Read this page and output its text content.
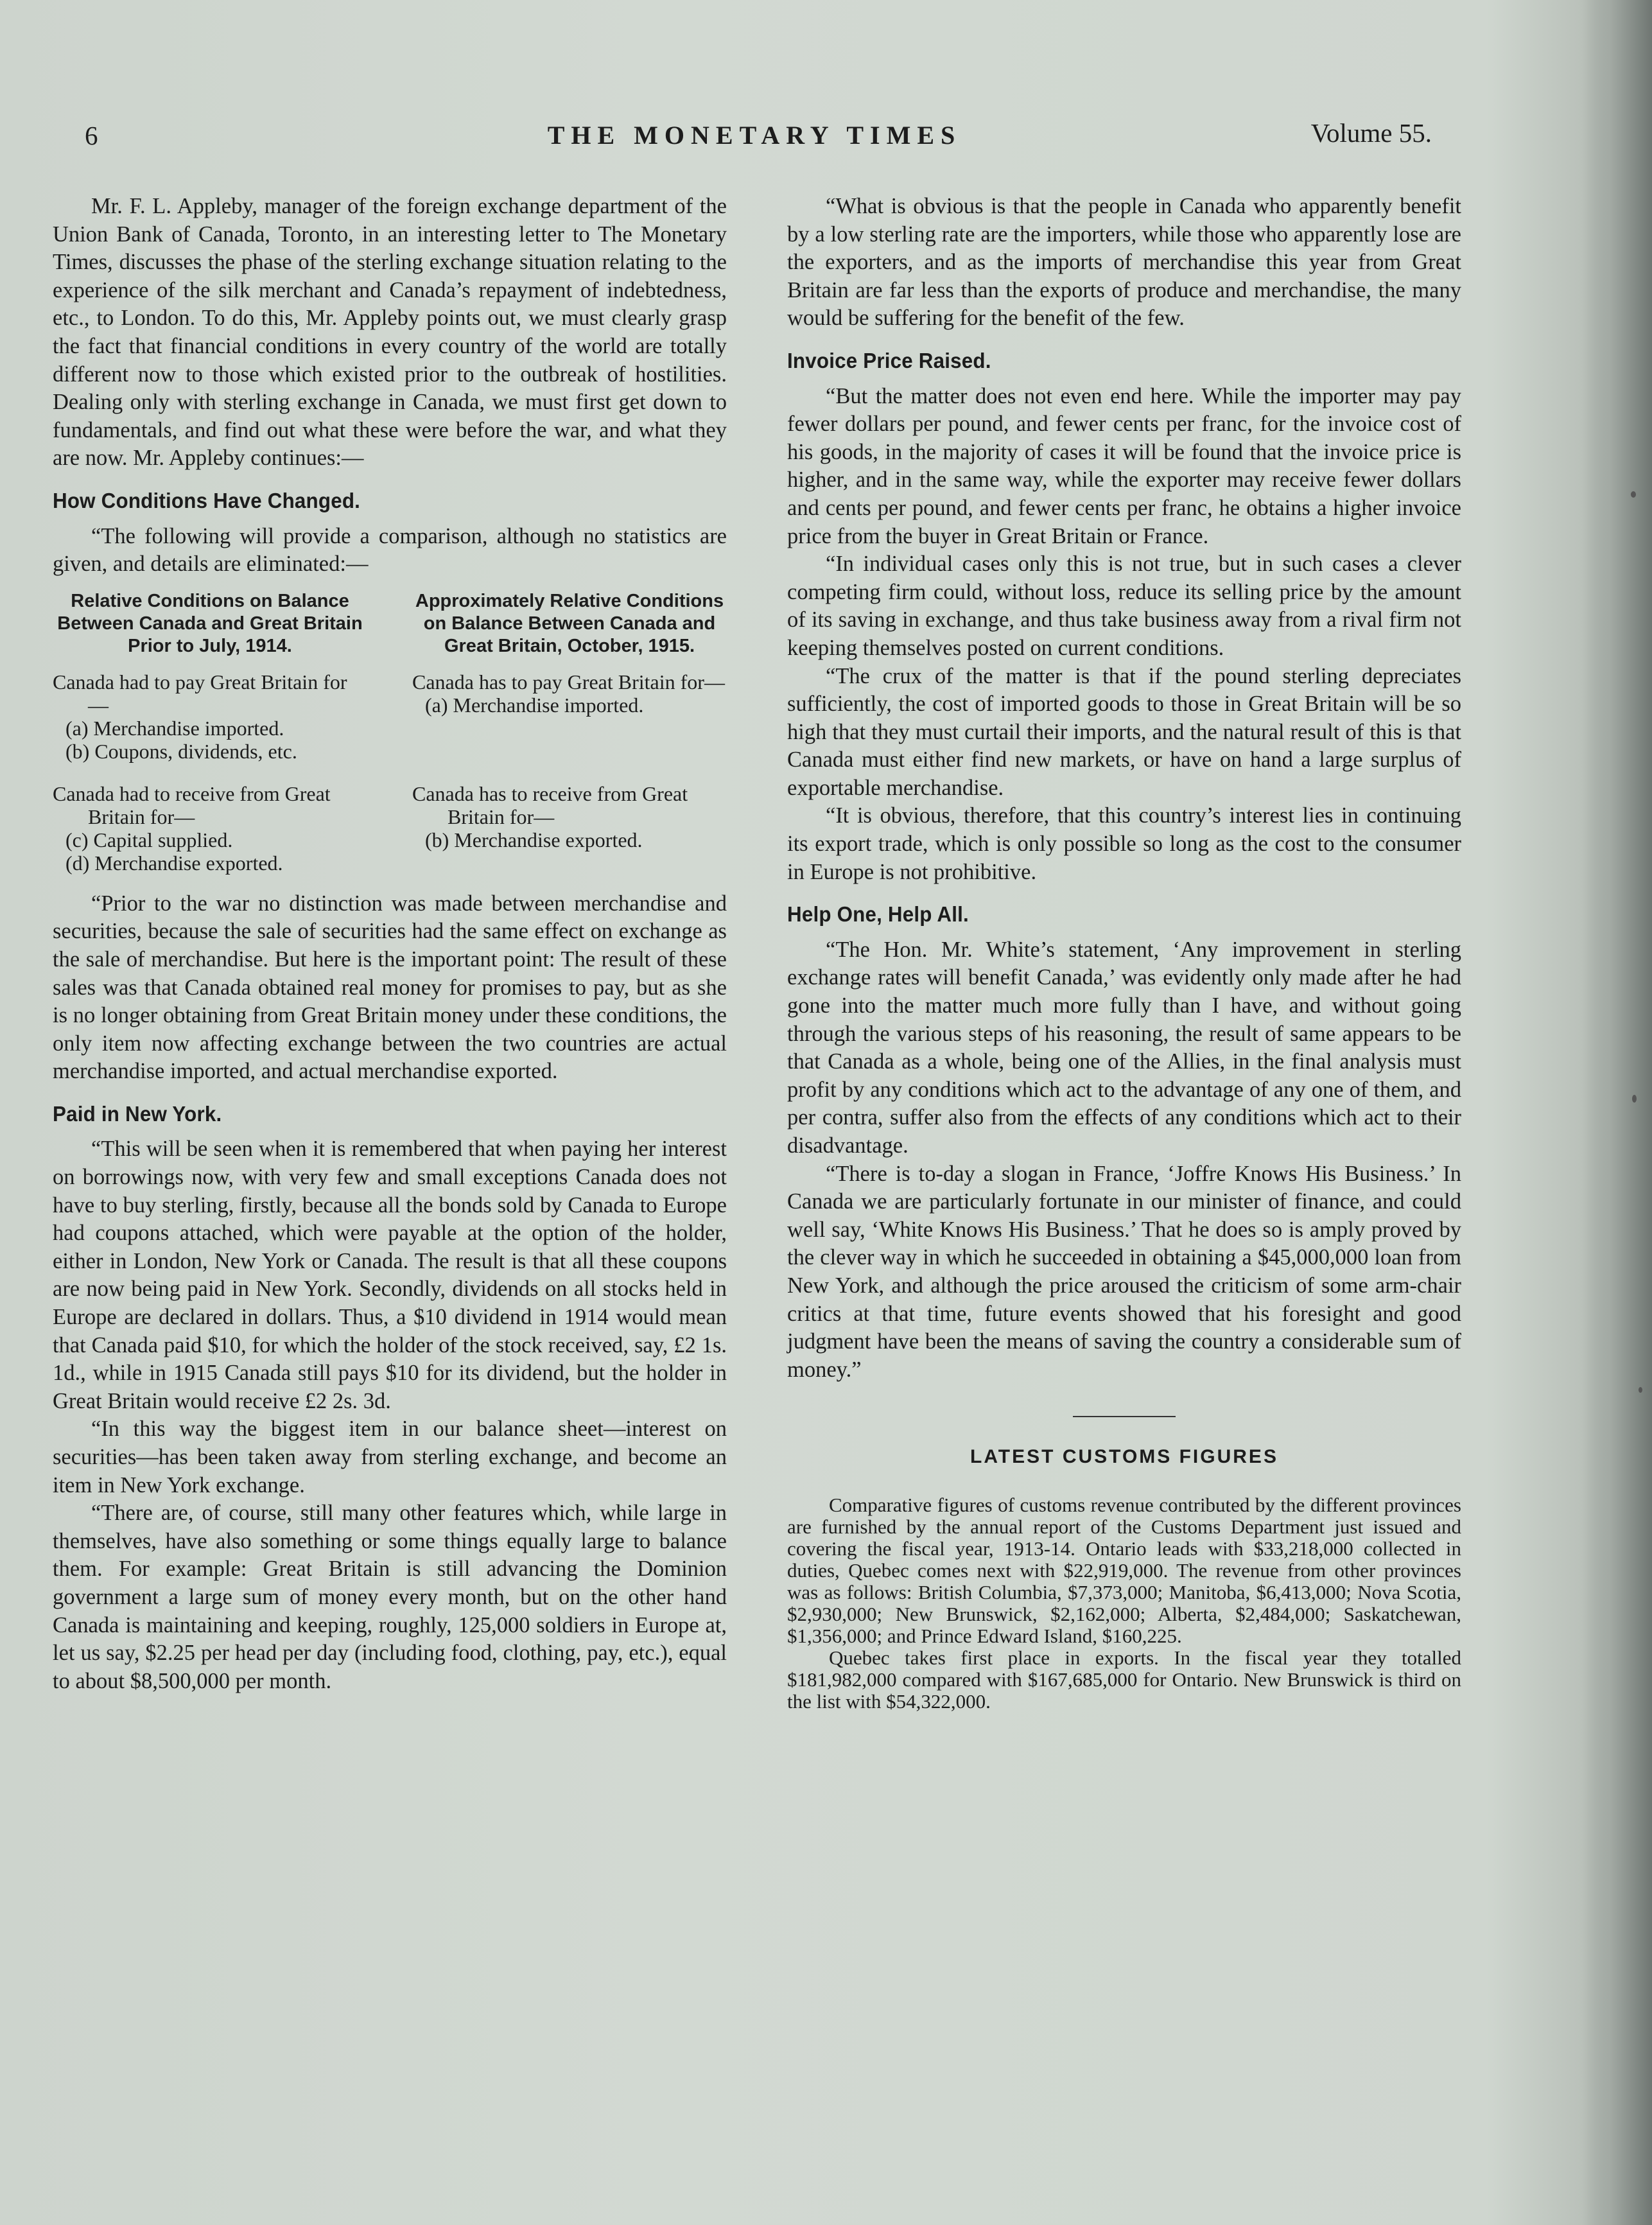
6	THE MONETARY TIMES	Volume 55.

Mr. F. L. Appleby, manager of the foreign exchange department of the Union Bank of Canada, Toronto, in an interesting letter to The Monetary Times, discusses the phase of the sterling exchange situation relating to the experience of the silk merchant and Canada’s repayment of indebtedness, etc., to London. To do this, Mr. Appleby points out, we must clearly grasp the fact that financial conditions in every country of the world are totally different now to those which existed prior to the outbreak of hostilities. Dealing only with sterling exchange in Canada, we must first get down to fundamentals, and find out what these were before the war, and what they are now. Mr. Appleby continues:—

How Conditions Have Changed.

“The following will provide a comparison, although no statistics are given, and details are eliminated:—

Relative Conditions on Balance Between Canada and Great Britain Prior to July, 1914.
Canada had to pay Great Britain for—
(a) Merchandise imported.
(b) Coupons, dividends, etc.
Canada had to receive from Great Britain for—
(c) Capital supplied.
(d) Merchandise exported.
Approximately Relative Conditions on Balance Between Canada and Great Britain, October, 1915.
Canada has to pay Great Britain for—
(a) Merchandise imported.
Canada has to receive from Great Britain for—
(b) Merchandise exported.

“Prior to the war no distinction was made between merchandise and securities, because the sale of securities had the same effect on exchange as the sale of merchandise. But here is the important point: The result of these sales was that Canada obtained real money for promises to pay, but as she is no longer obtaining from Great Britain money under these conditions, the only item now affecting exchange between the two countries are actual merchandise imported, and actual merchandise exported.

Paid in New York.

“This will be seen when it is remembered that when paying her interest on borrowings now, with very few and small exceptions Canada does not have to buy sterling, firstly, because all the bonds sold by Canada to Europe had coupons attached, which were payable at the option of the holder, either in London, New York or Canada. The result is that all these coupons are now being paid in New York. Secondly, dividends on all stocks held in Europe are declared in dollars. Thus, a $10 dividend in 1914 would mean that Canada paid $10, for which the holder of the stock received, say, £2 1s. 1d., while in 1915 Canada still pays $10 for its dividend, but the holder in Great Britain would receive £2 2s. 3d.

“In this way the biggest item in our balance sheet—interest on securities—has been taken away from sterling exchange, and become an item in New York exchange.

“There are, of course, still many other features which, while large in themselves, have also something or some things equally large to balance them. For example: Great Britain is still advancing the Dominion government a large sum of money every month, but on the other hand Canada is maintaining and keeping, roughly, 125,000 soldiers in Europe at, let us say, $2.25 per head per day (including food, clothing, pay, etc.), equal to about $8,500,000 per month.

“What is obvious is that the people in Canada who apparently benefit by a low sterling rate are the importers, while those who apparently lose are the exporters, and as the imports of merchandise this year from Great Britain are far less than the exports of produce and merchandise, the many would be suffering for the benefit of the few.

Invoice Price Raised.

“But the matter does not even end here. While the importer may pay fewer dollars per pound, and fewer cents per franc, for the invoice cost of his goods, in the majority of cases it will be found that the invoice price is higher, and in the same way, while the exporter may receive fewer dollars and cents per pound, and fewer cents per franc, he obtains a higher invoice price from the buyer in Great Britain or France.

“In individual cases only this is not true, but in such cases a clever competing firm could, without loss, reduce its selling price by the amount of its saving in exchange, and thus take business away from a rival firm not keeping themselves posted on current conditions.

“The crux of the matter is that if the pound sterling depreciates sufficiently, the cost of imported goods to those in Great Britain will be so high that they must curtail their imports, and the natural result of this is that Canada must either find new markets, or have on hand a large surplus of exportable merchandise.

“It is obvious, therefore, that this country’s interest lies in continuing its export trade, which is only possible so long as the cost to the consumer in Europe is not prohibitive.

Help One, Help All.

“The Hon. Mr. White’s statement, ‘Any improvement in sterling exchange rates will benefit Canada,’ was evidently only made after he had gone into the matter much more fully than I have, and without going through the various steps of his reasoning, the result of same appears to be that Canada as a whole, being one of the Allies, in the final analysis must profit by any conditions which act to the advantage of any one of them, and per contra, suffer also from the effects of any conditions which act to their disadvantage.

“There is to-day a slogan in France, ‘Joffre Knows His Business.’ In Canada we are particularly fortunate in our minister of finance, and could well say, ‘White Knows His Business.’ That he does so is amply proved by the clever way in which he succeeded in obtaining a $45,000,000 loan from New York, and although the price aroused the criticism of some arm-chair critics at that time, future events showed that his foresight and good judgment have been the means of saving the country a considerable sum of money.”

LATEST CUSTOMS FIGURES

Comparative figures of customs revenue contributed by the different provinces are furnished by the annual report of the Customs Department just issued and covering the fiscal year, 1913-14. Ontario leads with $33,218,000 collected in duties, Quebec comes next with $22,919,000. The revenue from other provinces was as follows: British Columbia, $7,373,000; Manitoba, $6,413,000; Nova Scotia, $2,930,000; New Brunswick, $2,162,000; Alberta, $2,484,000; Saskatchewan, $1,356,000; and Prince Edward Island, $160,225.

Quebec takes first place in exports. In the fiscal year they totalled $181,982,000 compared with $167,685,000 for Ontario. New Brunswick is third on the list with $54,322,000.
